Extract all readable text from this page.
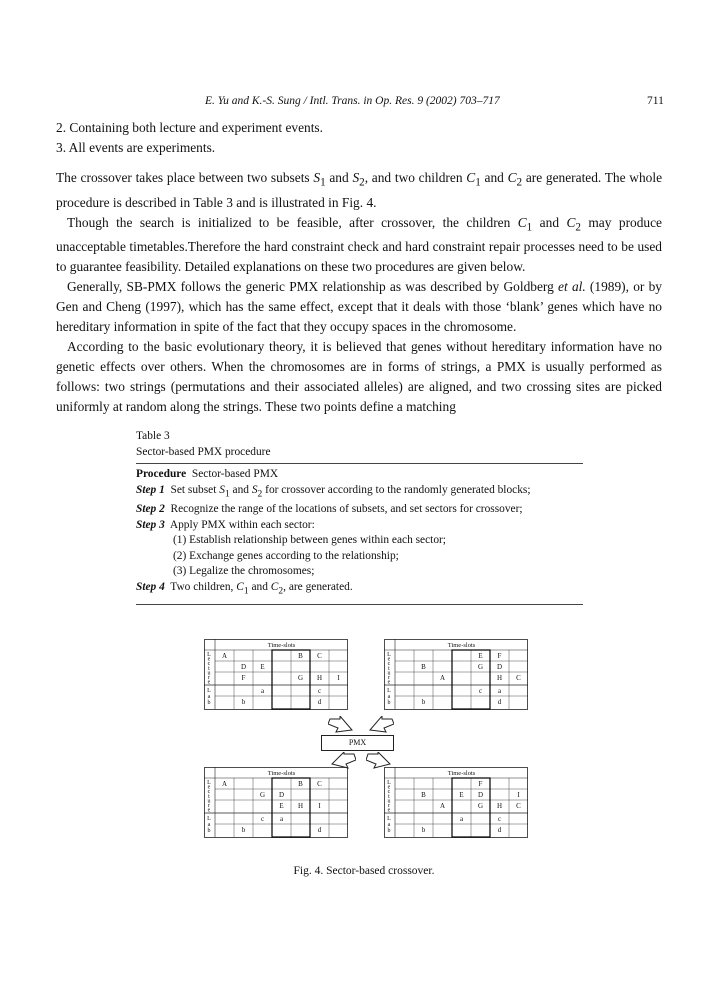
E. Yu and K.-S. Sung / Intl. Trans. in Op. Res. 9 (2002) 703–717	711

2. Containing both lecture and experiment events.

3. All events are experiments.

The crossover takes place between two subsets $S_1$ and $S_2$, and two children $C_1$ and $C_2$ are generated. The whole procedure is described in Table 3 and is illustrated in Fig. 4.

Though the search is initialized to be feasible, after crossover, the children $C_1$ and $C_2$ may produce unacceptable timetables.Therefore the hard constraint check and hard constraint repair processes need to be used to guarantee feasibility. Detailed explanations on these two procedures are given below.

Generally, SB-PMX follows the generic PMX relationship as was described by Goldberg et al. (1989), or by Gen and Cheng (1997), which has the same effect, except that it deals with those ‘blank’ genes which have no hereditary information in spite of the fact that they occupy spaces in the chromosome.

According to the basic evolutionary theory, it is believed that genes without hereditary information have no genetic effects over others. When the chromosomes are in forms of strings, a PMX is usually performed as follows: two strings (permutations and their associated alleles) are aligned, and two crossing sites are picked uniformly at random along the strings. These two points define a matching

Table 3

Sector-based PMX procedure

Procedure Sector-based PMX
Step 1 Set subset $S_1$ and $S_2$ for crossover according to the randomly generated blocks;
Step 2 Recognize the range of the locations of subsets, and set sectors for crossover;
Step 3 Apply PMX within each sector:
(1) Establish relationship between genes within each sector;
(2) Exchange genes according to the relationship;
(3) Legalize the chromosomes;
Step 4 Two children, $C_1$ and $C_2$, are generated.
Time-slots
L
e
c
t
u
r
e
L
a
b
A	B C
D E
F	G H I
a	c
b	d
Time-slots
L
e
c
t
u
r
e
L
a
b
E F
B	G D
A	H C
c a
b	d
Time-slots
L
e
c
t
u
r
e
L
a
b
A	B C
G D
E H I
c a
b	d
Time-slots
L
e
c
t
u
r
e
L
a
b
F
B	E D	I
A	G H C
a	c
b	d
PMX
Fig. 4. Sector-based crossover.
